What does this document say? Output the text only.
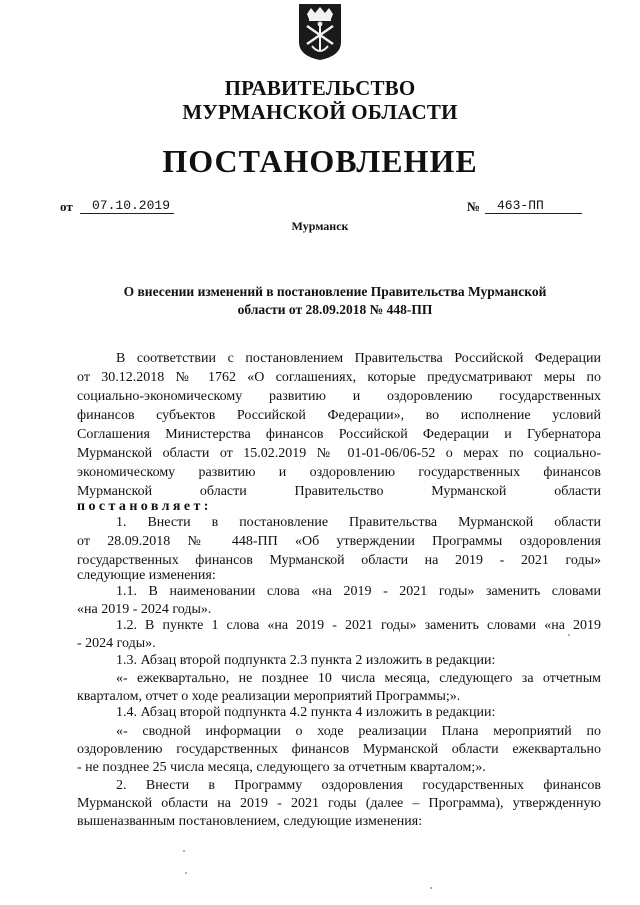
ПРАВИТЕЛЬСТВО
МУРМАНСКОЙ ОБЛАСТИ
ПОСТАНОВЛЕНИЕ
от 07.10.2019	№ 463-ПП
Мурманск
О внесении изменений в постановление Правительства Мурманской
области от 28.09.2018 № 448-ПП
В соответствии с постановлением Правительства Российской Федерации
от 30.12.2018 № 1762 «О соглашениях, которые предусматривают меры по
социально-экономическому развитию и оздоровлению государственных
финансов субъектов Российской Федерации», во исполнение условий
Соглашения Министерства финансов Российской Федерации и Губернатора
Мурманской области от 15.02.2019 № 01-01-06/06-52 о мерах по социально-
экономическому развитию и оздоровлению государственных финансов
Мурманской области Правительство Мурманской области
постановляет:
1. Внести в постановление Правительства Мурманской области
от 28.09.2018 № 448-ПП «Об утверждении Программы оздоровления
государственных финансов Мурманской области на 2019 - 2021 годы»
следующие изменения:
1.1. В наименовании слова «на 2019 - 2021 годы» заменить словами
«на 2019 - 2024 годы».
1.2. В пункте 1 слова «на 2019 - 2021 годы» заменить словами «на 2019
- 2024 годы».
1.3. Абзац второй подпункта 2.3 пункта 2 изложить в редакции:
«- ежеквартально, не позднее 10 числа месяца, следующего за отчетным
кварталом, отчет о ходе реализации мероприятий Программы;».
1.4. Абзац второй подпункта 4.2 пункта 4 изложить в редакции:
«- сводной информации о ходе реализации Плана мероприятий по
оздоровлению государственных финансов Мурманской области ежеквартально
- не позднее 25 числа месяца, следующего за отчетным кварталом;».
2. Внести в Программу оздоровления государственных финансов
Мурманской области на 2019 - 2021 годы (далее – Программа), утвержденную
вышеназванным постановлением, следующие изменения:
